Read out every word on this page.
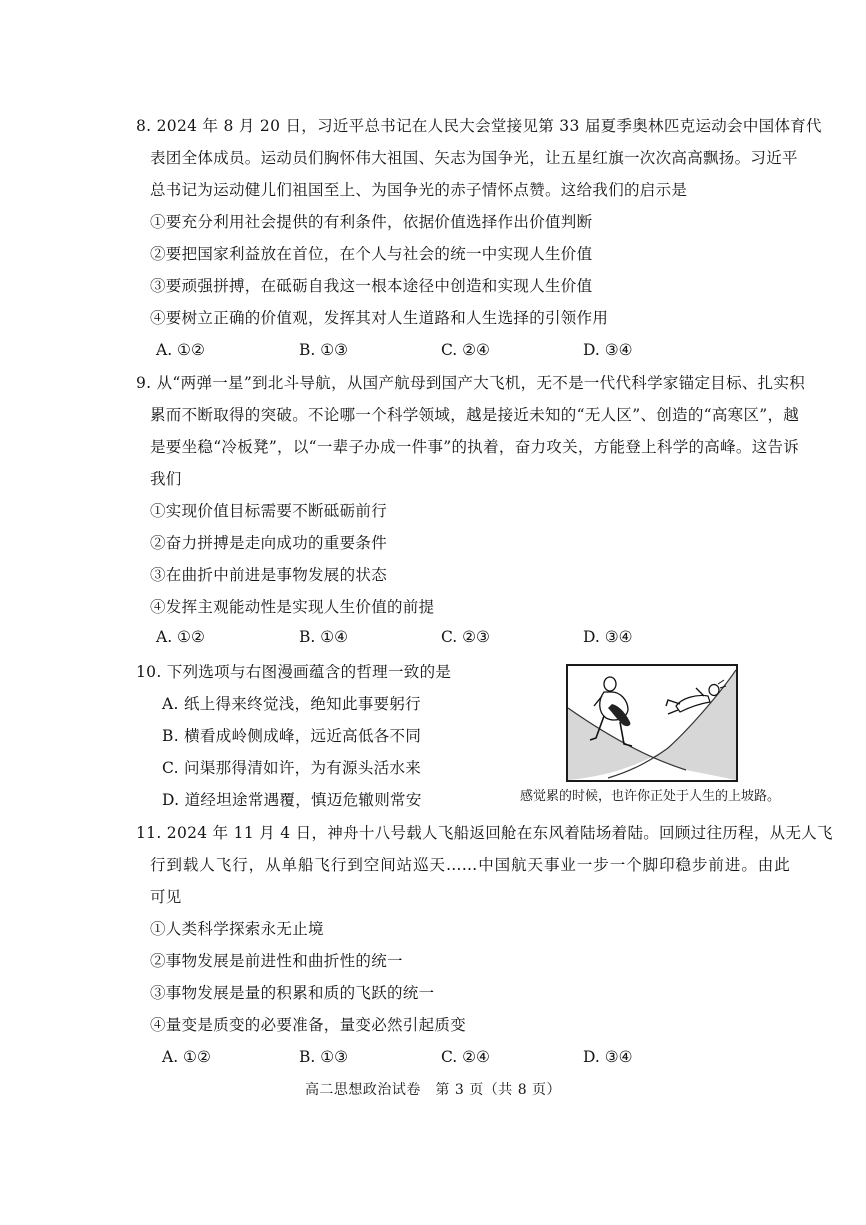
8. 2024 年 8 月 20 日，习近平总书记在人民大会堂接见第 33 届夏季奥林匹克运动会中国体育代
表团全体成员。运动员们胸怀伟大祖国、矢志为国争光，让五星红旗一次次高高飘扬。习近平
总书记为运动健儿们祖国至上、为国争光的赤子情怀点赞。这给我们的启示是
①要充分利用社会提供的有利条件，依据价值选择作出价值判断
②要把国家利益放在首位，在个人与社会的统一中实现人生价值
③要顽强拼搏，在砥砺自我这一根本途径中创造和实现人生价值
④要树立正确的价值观，发挥其对人生道路和人生选择的引领作用
A. ①②	B. ①③	C. ②④	D. ③④
9. 从“两弹一星”到北斗导航，从国产航母到国产大飞机，无不是一代代科学家锚定目标、扎实积
累而不断取得的突破。不论哪一个科学领域，越是接近未知的“无人区”、创造的“高寒区”，越
是要坐稳“冷板凳”，以“一辈子办成一件事”的执着，奋力攻关，方能登上科学的高峰。这告诉
我们
①实现价值目标需要不断砥砺前行
②奋力拼搏是走向成功的重要条件
③在曲折中前进是事物发展的状态
④发挥主观能动性是实现人生价值的前提
A. ①②	B. ①④	C. ②③	D. ③④
10. 下列选项与右图漫画蕴含的哲理一致的是
A. 纸上得来终觉浅，绝知此事要躬行
B. 横看成岭侧成峰，远近高低各不同
C. 问渠那得清如许，为有源头活水来
D. 道经坦途常遇覆，慎迈危辙则常安	感觉累的时候，也许你正处于人生的上坡路。
11. 2024 年 11 月 4 日，神舟十八号载人飞船返回舱在东风着陆场着陆。回顾过往历程，从无人飞
行到载人飞行，从单船飞行到空间站巡天……中国航天事业一步一个脚印稳步前进。由此
可见
①人类科学探索永无止境
②事物发展是前进性和曲折性的统一
③事物发展是量的积累和质的飞跃的统一
④量变是质变的必要准备，量变必然引起质变
A. ①②	B. ①③	C. ②④	D. ③④
高二思想政治试卷　第 3 页（共 8 页）
